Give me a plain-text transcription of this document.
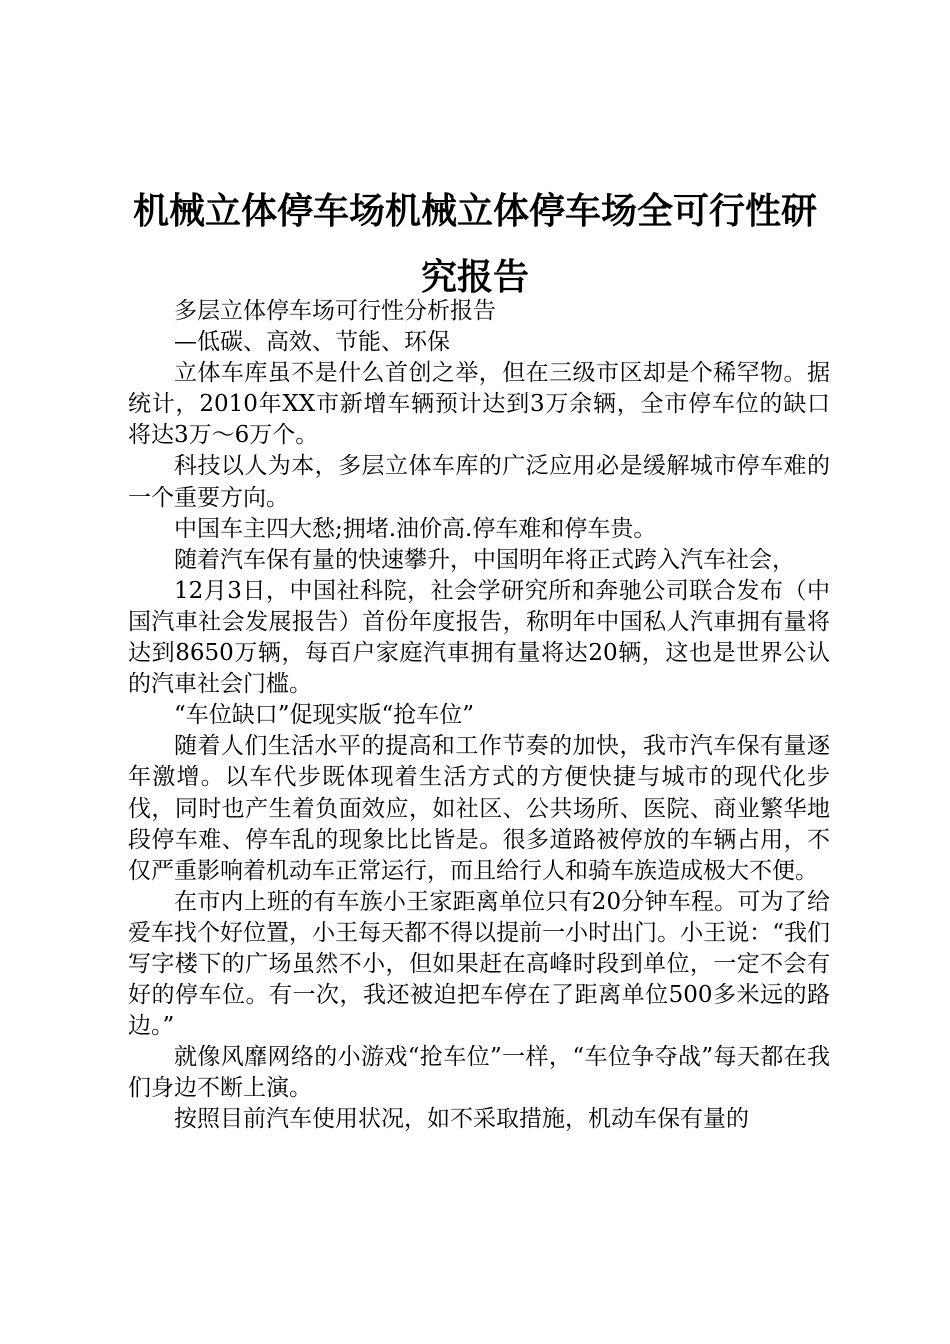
机械立体停车场机械立体停车场全可行性研究报告

多层立体停车场可行性分析报告

—低碳、高效、节能、环保

立体车库虽不是什么首创之举，但在三级市区却是个稀罕物。据统计，2010年XX市新增车辆预计达到3万余辆，全市停车位的缺口将达3万～6万个。

科技以人为本，多层立体车库的广泛应用必是缓解城市停车难的一个重要方向。

中国车主四大愁;拥堵.油价高.停车难和停车贵。

随着汽车保有量的快速攀升，中国明年将正式跨入汽车社会，

12月3日，中国社科院，社会学研究所和奔驰公司联合发布（中国汽車社会发展报告）首份年度报告，称明年中国私人汽車拥有量将达到8650万辆，每百户家庭汽車拥有量将达20辆，这也是世界公认的汽車社会门槛。

“车位缺口”促现实版“抢车位”

随着人们生活水平的提高和工作节奏的加快，我市汽车保有量逐年激增。以车代步既体现着生活方式的方便快捷与城市的现代化步伐，同时也产生着负面效应，如社区、公共场所、医院、商业繁华地段停车难、停车乱的现象比比皆是。很多道路被停放的车辆占用，不仅严重影响着机动车正常运行，而且给行人和骑车族造成极大不便。

在市内上班的有车族小王家距离单位只有20分钟车程。可为了给爱车找个好位置，小王每天都不得以提前一小时出门。小王说：“我们写字楼下的广场虽然不小，但如果赶在高峰时段到单位，一定不会有好的停车位。有一次，我还被迫把车停在了距离单位500多米远的路边。”

就像风靡网络的小游戏“抢车位”一样，“车位争夺战”每天都在我们身边不断上演。

按照目前汽车使用状况，如不采取措施，机动车保有量的
